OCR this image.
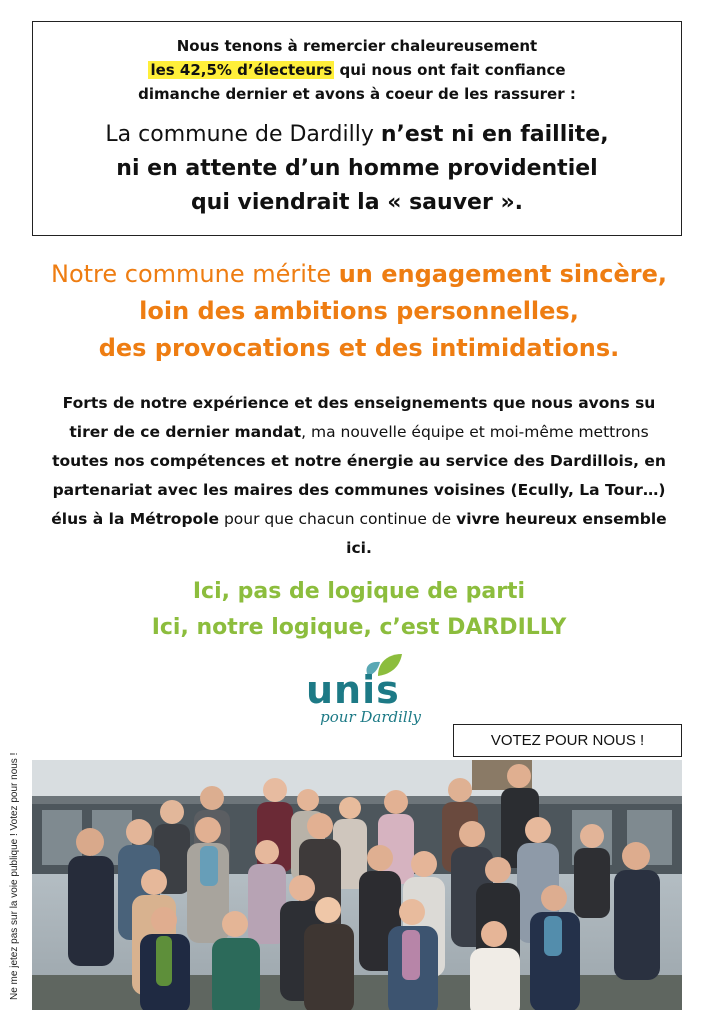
Nous tenons à remercier chaleureusement
les 42,5% d’électeurs qui nous ont fait confiance
dimanche dernier et avons à coeur de les rassurer :
La commune de Dardilly n’est ni en faillite,
ni en attente d’un homme providentiel
qui viendrait la « sauver ».
Notre commune mérite un engagement sincère,
loin des ambitions personnelles,
des provocations et des intimidations.
Forts de notre expérience et des enseignements que nous avons su tirer de ce dernier mandat, ma nouvelle équipe et moi-même mettrons toutes nos compétences et notre énergie au service des Dardillois, en partenariat avec les maires des communes voisines (Ecully, La Tour…) élus à la Métropole pour que chacun continue de vivre heureux ensemble ici.
Ici, pas de logique de parti
Ici, notre logique, c’est DARDILLY
unis
pour Dardilly
VOTEZ POUR NOUS !
Ne me jetez pas sur la voie publique ! Votez pour nous !
